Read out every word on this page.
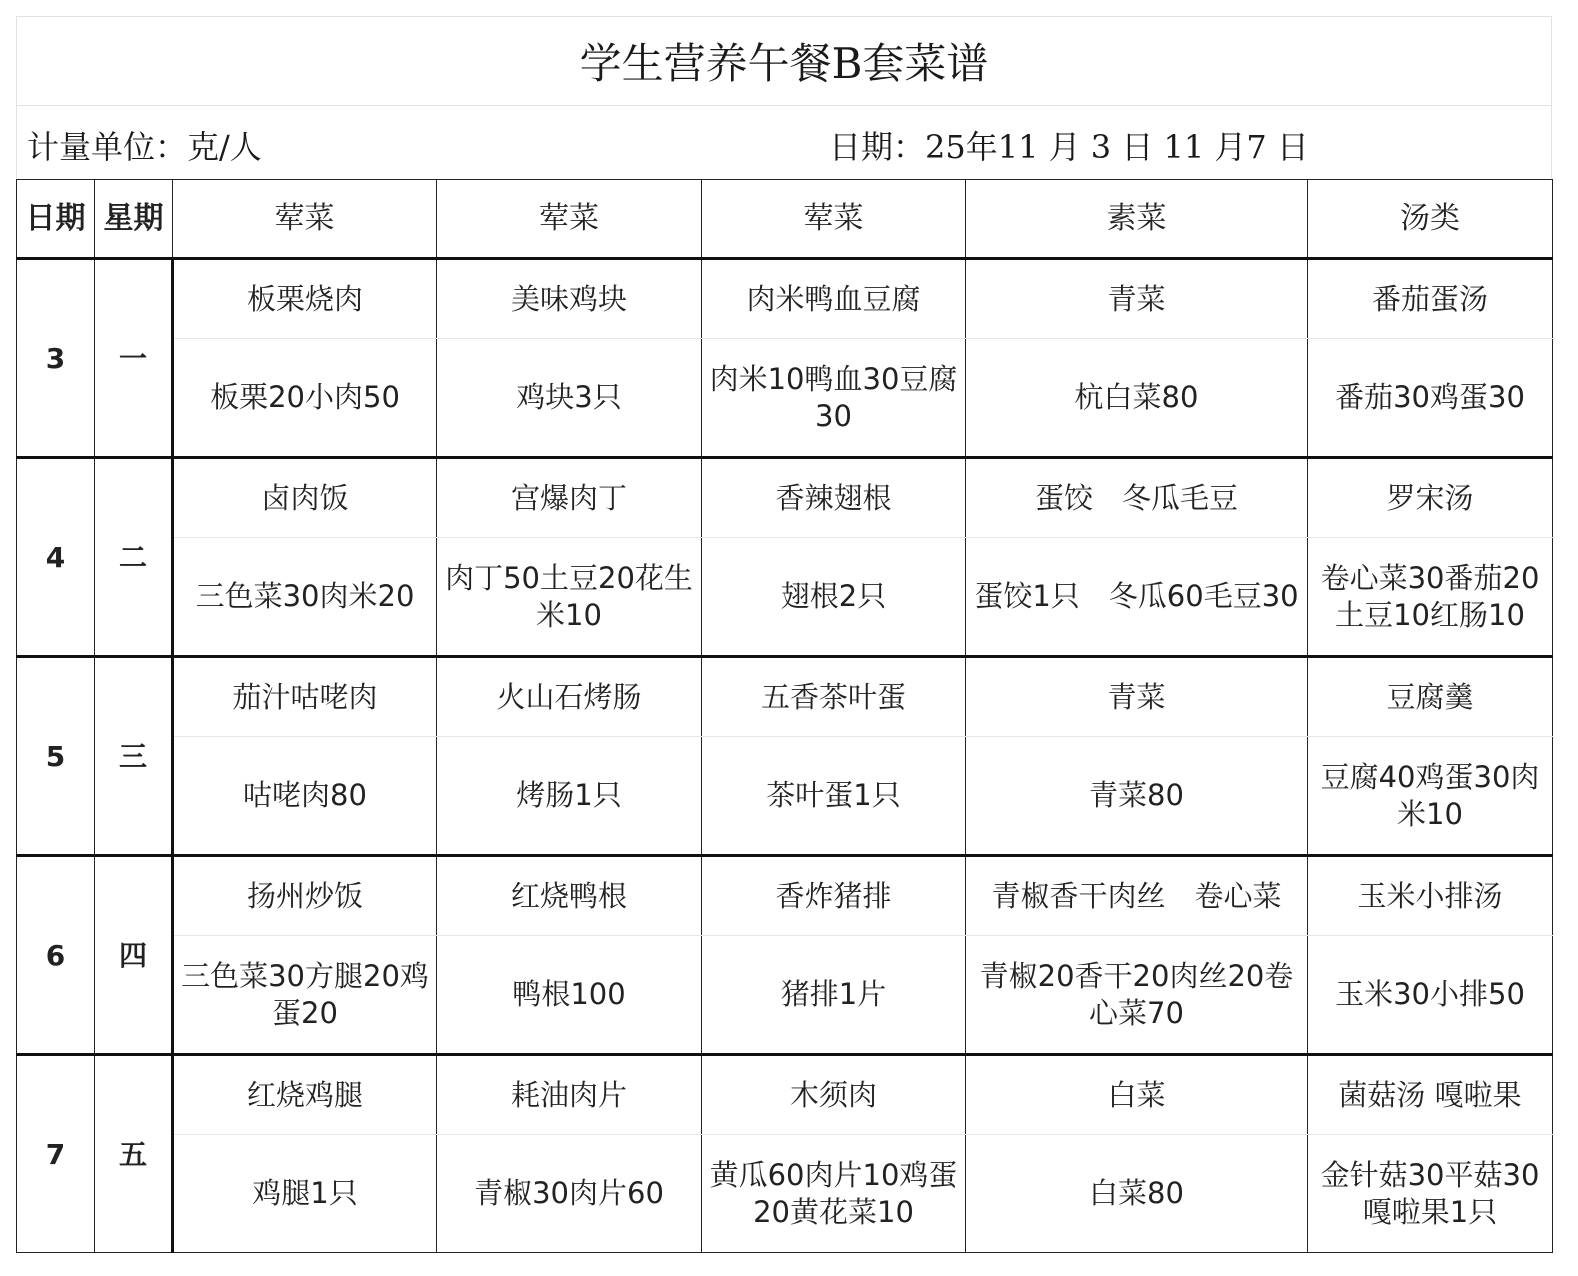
学生营养午餐B套菜谱
计量单位：克/人	日期：25年11 月 3 日 11 月7 日
日期	星期	荤菜	荤菜	荤菜	素菜	汤类
3	一	板栗烧肉	美味鸡块	肉米鸭血豆腐	青菜	番茄蛋汤
		板栗20小肉50	鸡块3只	肉米10鸭血30豆腐30	杭白菜80	番茄30鸡蛋30
4	二	卤肉饭	宫爆肉丁	香辣翅根	蛋饺　冬瓜毛豆	罗宋汤
		三色菜30肉米20	肉丁50土豆20花生米10	翅根2只	蛋饺1只　冬瓜60毛豆30	卷心菜30番茄20土豆10红肠10
5	三	茄汁咕咾肉	火山石烤肠	五香茶叶蛋	青菜	豆腐羹
		咕咾肉80	烤肠1只	茶叶蛋1只	青菜80	豆腐40鸡蛋30肉米10
6	四	扬州炒饭	红烧鸭根	香炸猪排	青椒香干肉丝　卷心菜	玉米小排汤
		三色菜30方腿20鸡蛋20	鸭根100	猪排1片	青椒20香干20肉丝20卷心菜70	玉米30小排50
7	五	红烧鸡腿	耗油肉片	木须肉	白菜	菌菇汤 嘎啦果
		鸡腿1只	青椒30肉片60	黄瓜60肉片10鸡蛋20黄花菜10	白菜80	金针菇30平菇30嘎啦果1只
